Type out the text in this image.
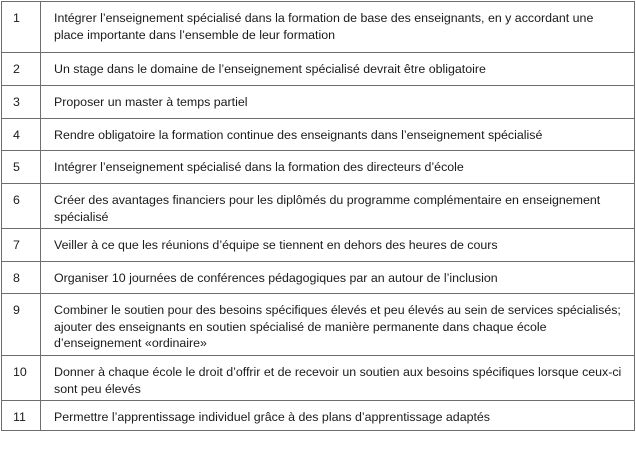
1	Intégrer l’enseignement spécialisé dans la formation de base des enseignants, en y accordant une place importante dans l’ensemble de leur formation
2	Un stage dans le domaine de l’enseignement spécialisé devrait être obligatoire
3	Proposer un master à temps partiel
4	Rendre obligatoire la formation continue des enseignants dans l’enseignement spécialisé
5	Intégrer l’enseignement spécialisé dans la formation des directeurs d’école
6	Créer des avantages financiers pour les diplômés du programme complémentaire en enseignement spécialisé
7	Veiller à ce que les réunions d’équipe se tiennent en dehors des heures de cours
8	Organiser 10 journées de conférences pédagogiques par an autour de l’inclusion
9	Combiner le soutien pour des besoins spécifiques élevés et peu élevés au sein de services spécialisés; ajouter des enseignants en soutien spécialisé de manière permanente dans chaque école d’enseignement «ordinaire»
10	Donner à chaque école le droit d’offrir et de recevoir un soutien aux besoins spécifiques lorsque ceux-ci sont peu élevés
11	Permettre l’apprentissage individuel grâce à des plans d’apprentissage adaptés
